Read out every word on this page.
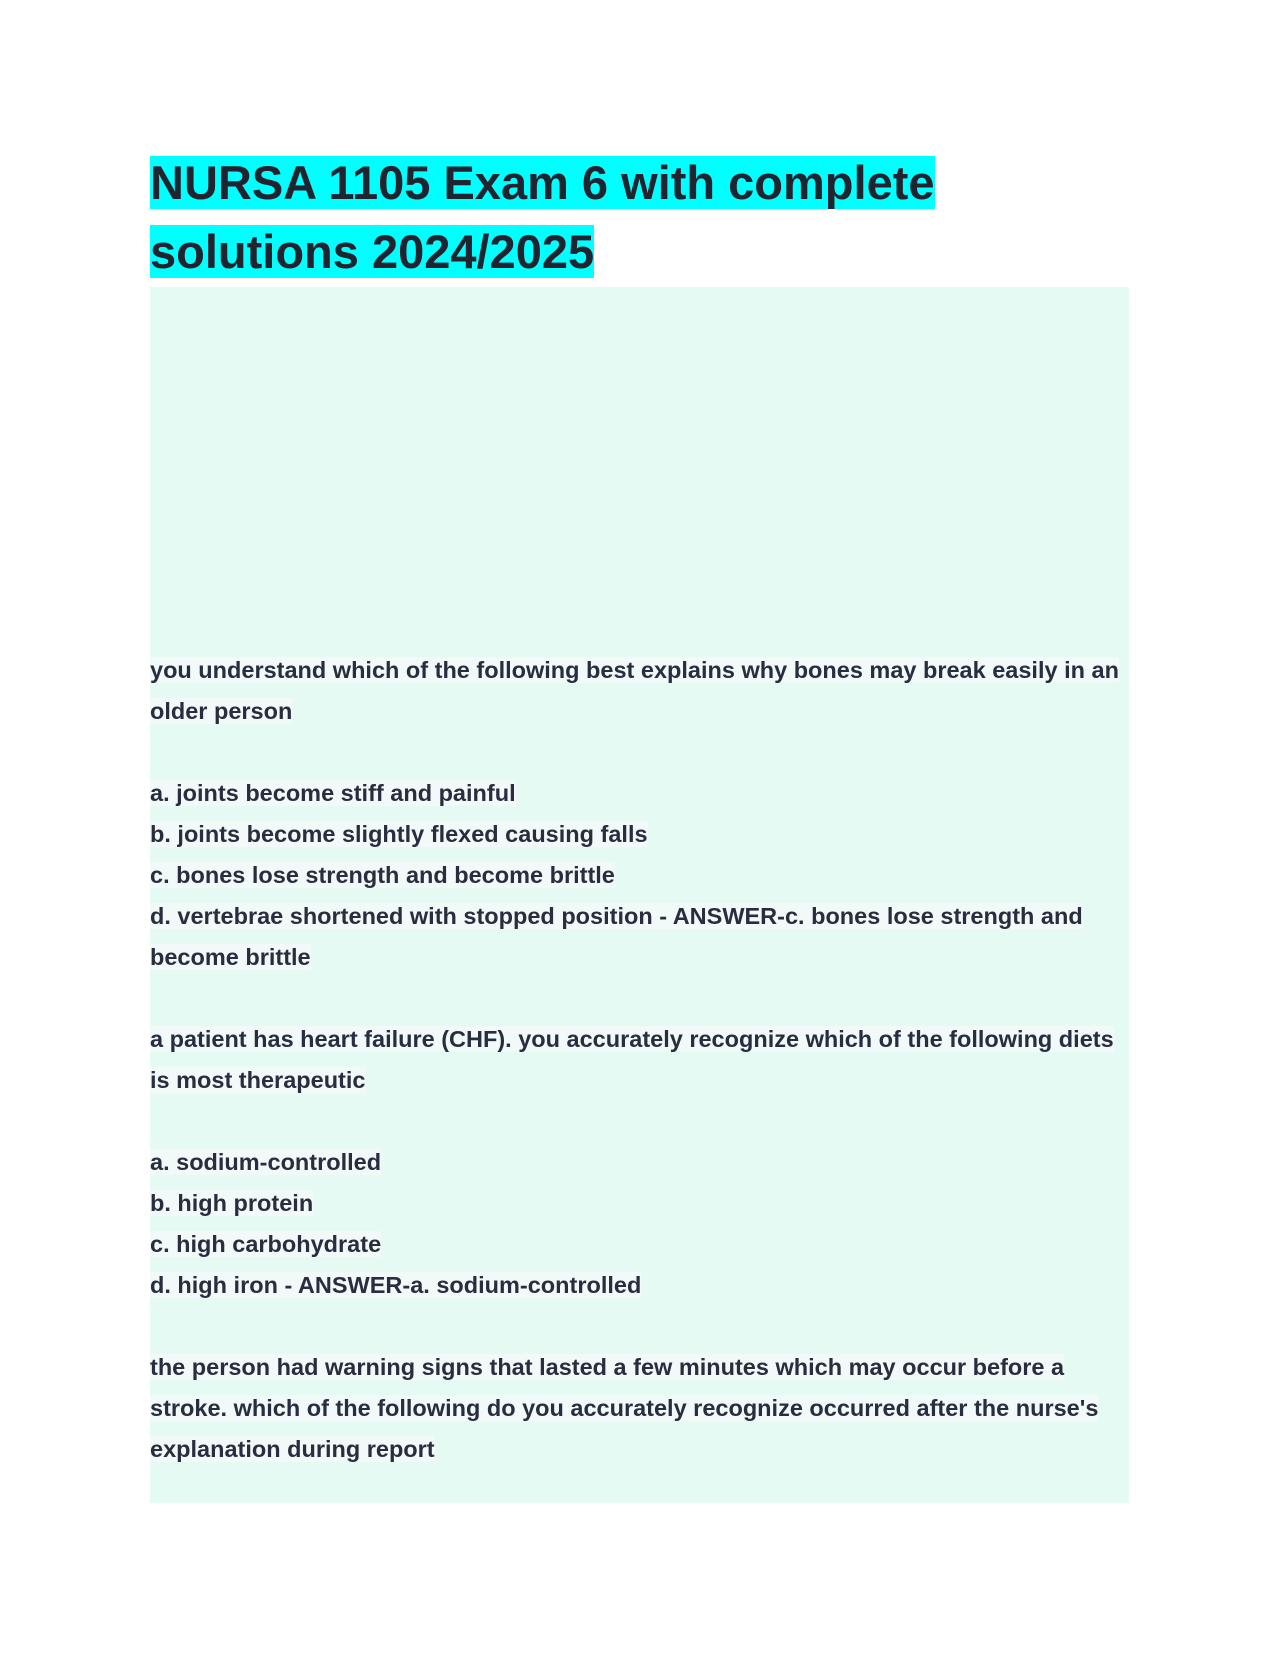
NURSA 1105 Exam 6 with complete solutions 2024/2025

you understand which of the following best explains why bones may break easily in an older person

a. joints become stiff and painful

b. joints become slightly flexed causing falls

c. bones lose strength and become brittle

d. vertebrae shortened with stopped position - ANSWER-c. bones lose strength and become brittle

a patient has heart failure (CHF). you accurately recognize which of the following diets is most therapeutic

a. sodium-controlled

b. high protein

c. high carbohydrate

d. high iron - ANSWER-a. sodium-controlled

the person had warning signs that lasted a few minutes which may occur before a stroke. which of the following do you accurately recognize occurred after the nurse's explanation during report
